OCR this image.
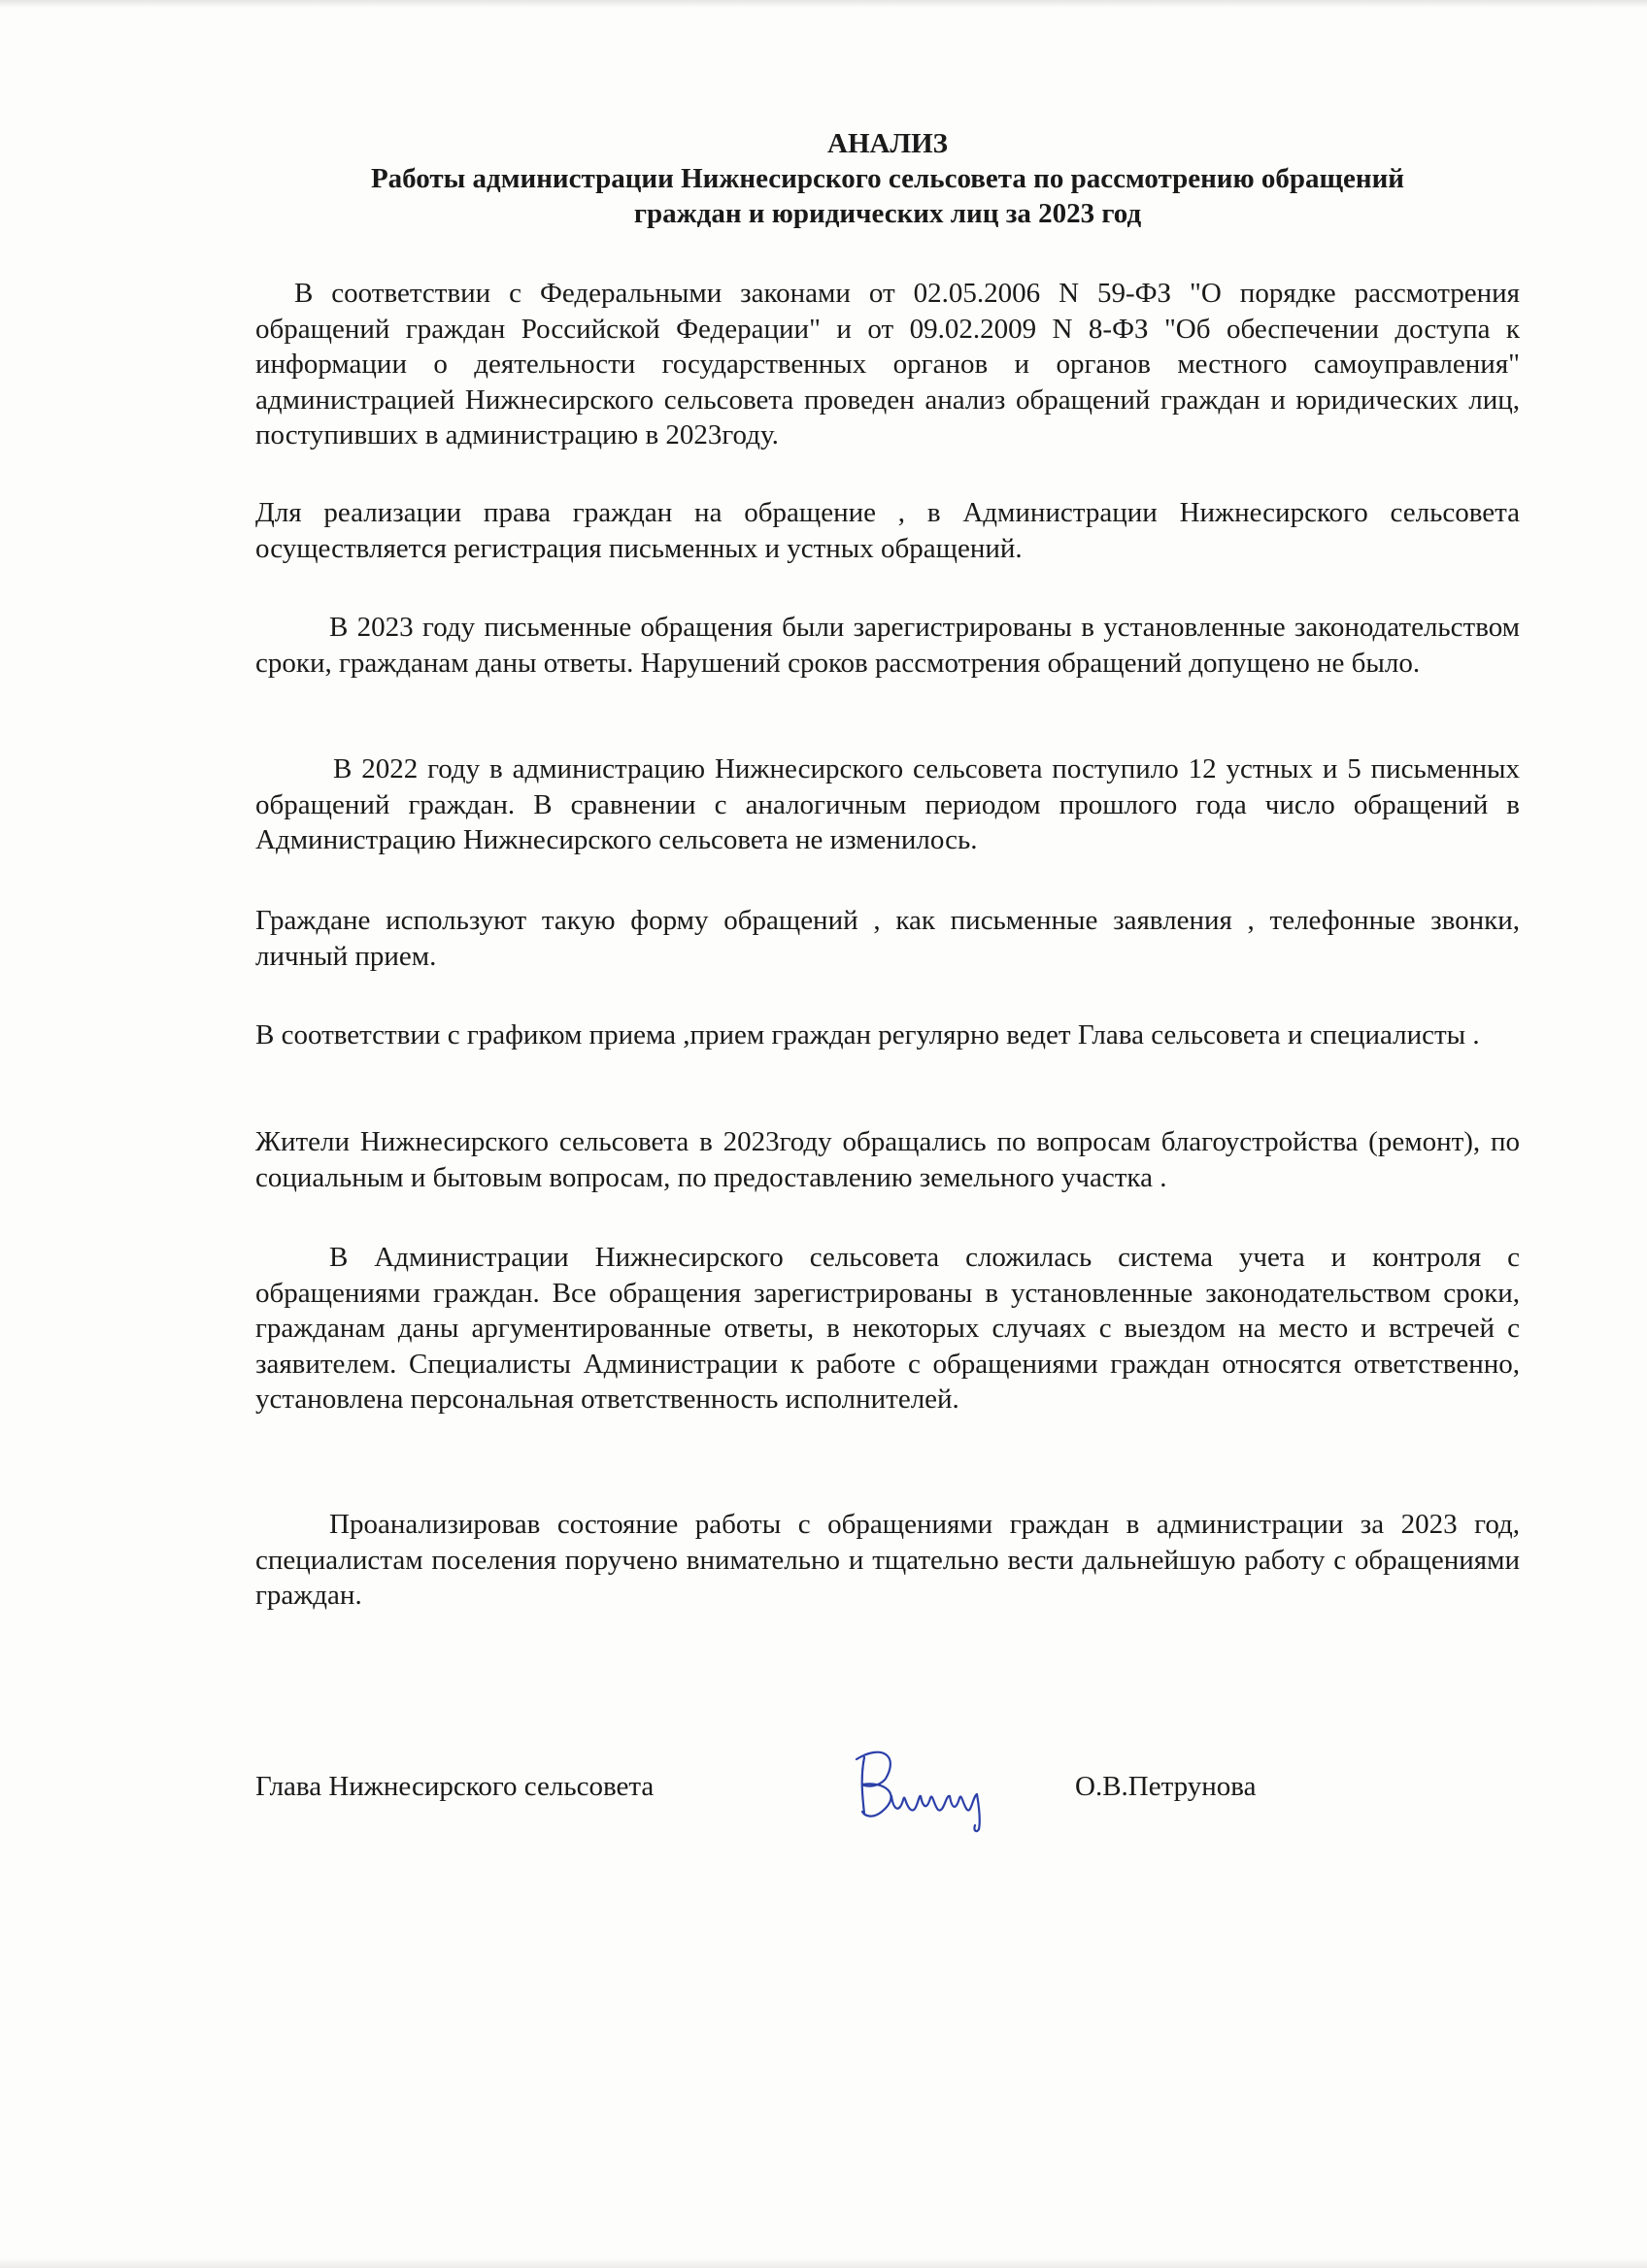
АНАЛИЗ
Работы администрации Нижнесирского сельсовета по рассмотрению обращений
граждан и юридических лиц за 2023 год

В соответствии с Федеральными законами от 02.05.2006 N 59-ФЗ "О порядке рассмотрения обращений граждан Российской Федерации" и от 09.02.2009 N 8-ФЗ "Об обеспечении доступа к информации о деятельности государственных органов и органов местного самоуправления" администрацией Нижнесирского сельсовета проведен анализ обращений граждан и юридических лиц, поступивших в администрацию в 2023году.

Для реализации права граждан на обращение , в Администрации Нижнесирского сельсовета осуществляется регистрация письменных и устных обращений.

В 2023 году письменные обращения были зарегистрированы в установленные законодательством сроки, гражданам даны ответы. Нарушений сроков рассмотрения обращений допущено не было.

В 2022 году в администрацию Нижнесирского сельсовета поступило 12 устных и 5 письменных обращений граждан. В сравнении с аналогичным периодом прошлого года число обращений в Администрацию Нижнесирского сельсовета не изменилось.

Граждане используют такую форму обращений , как письменные заявления , телефонные звонки, личный прием.

В соответствии с графиком приема ,прием граждан регулярно ведет Глава сельсовета и специалисты .

Жители Нижнесирского сельсовета в 2023году обращались по вопросам благоустройства (ремонт), по социальным и бытовым вопросам, по предоставлению земельного участка .

В Администрации Нижнесирского сельсовета сложилась система учета и контроля с обращениями граждан. Все обращения зарегистрированы в установленные законодательством сроки, гражданам даны аргументированные ответы, в некоторых случаях с выездом на место и встречей с заявителем. Специалисты Администрации к работе с обращениями граждан относятся ответственно, установлена персональная ответственность исполнителей.

Проанализировав состояние работы с обращениями граждан в администрации за 2023 год, специалистам поселения поручено внимательно и тщательно вести дальнейшую работу с обращениями граждан.

Глава Нижнесирского сельсовета	О.В.Петрунова
